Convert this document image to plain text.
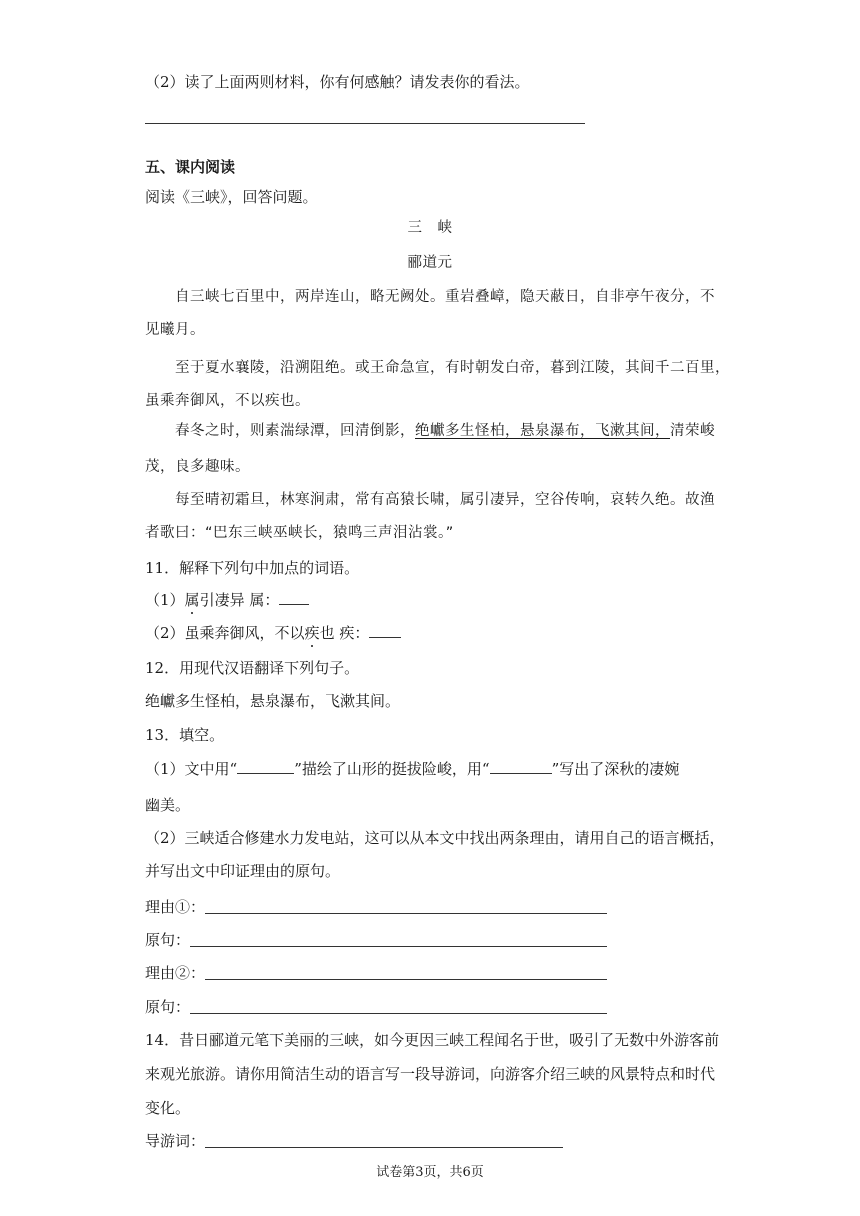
（2）读了上面两则材料，你有何感触？请发表你的看法。
五、课内阅读
阅读《三峡》，回答问题。
三　峡
郦道元
自三峡七百里中，两岸连山，略无阙处。重岩叠嶂，隐天蔽日，自非亭午夜分，不
见曦月。
至于夏水襄陵，沿溯阻绝。或王命急宣，有时朝发白帝，暮到江陵，其间千二百里，
虽乘奔御风，不以疾也。
春冬之时，则素湍绿潭，回清倒影，绝巘多生怪柏，悬泉瀑布，飞漱其间，清荣峻
茂，良多趣味。
每至晴初霜旦，林寒涧肃，常有高猿长啸，属引凄异，空谷传响，哀转久绝。故渔
者歌曰：“巴东三峡巫峡长，猿鸣三声泪沾裳。”
11．解释下列句中加点的词语。
（1）属引凄异 属：
（2）虽乘奔御风，不以疾也 疾：
12．用现代汉语翻译下列句子。
绝巘多生怪柏，悬泉瀑布，飞漱其间。
13．填空。
（1）文中用“	”描绘了山形的挺拔险峻，用“	”写出了深秋的凄婉
幽美。
（2）三峡适合修建水力发电站，这可以从本文中找出两条理由，请用自己的语言概括，
并写出文中印证理由的原句。
理由①：
原句：
理由②：
原句：
14．昔日郦道元笔下美丽的三峡，如今更因三峡工程闻名于世，吸引了无数中外游客前
来观光旅游。请你用简洁生动的语言写一段导游词，向游客介绍三峡的风景特点和时代
变化。
导游词：
试卷第3页，共6页
